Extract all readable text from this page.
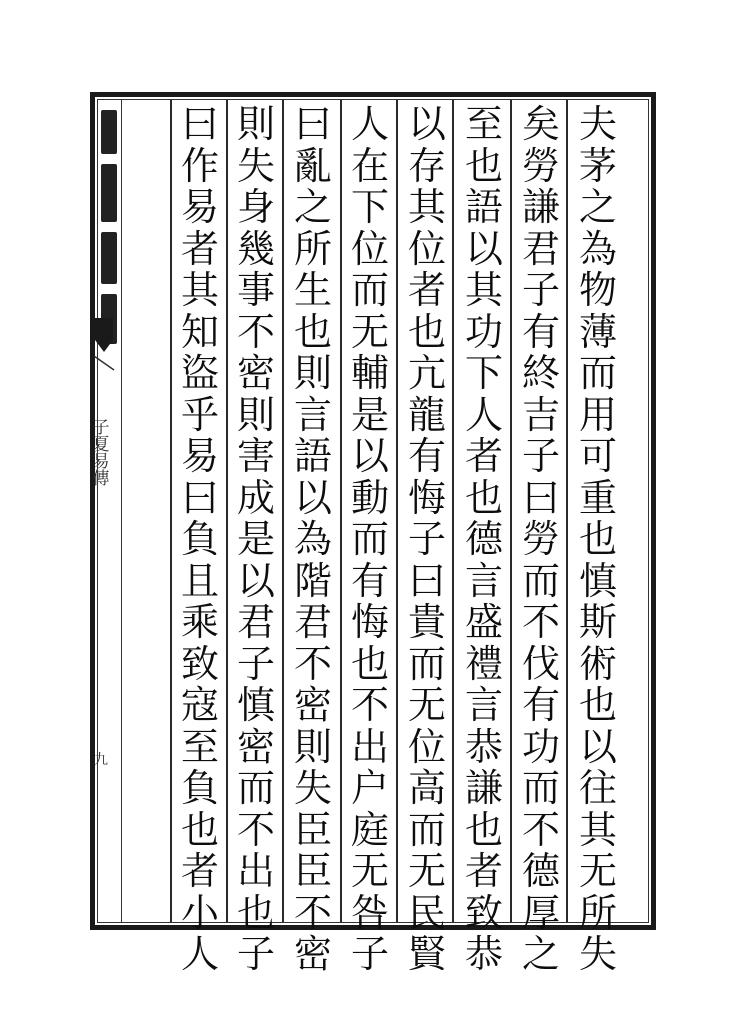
子夏易傳
九
夫茅之為物薄而用可重也慎斯術也以往其无所失
矣勞謙君子有終吉子曰勞而不伐有功而不德厚之
至也語以其功下人者也德言盛禮言恭謙也者致恭
以存其位者也亢龍有悔子曰貴而无位高而无民賢
人在下位而无輔是以動而有悔也不出户庭无咎子
曰亂之所生也則言語以為階君不密則失臣臣不密
則失身幾事不密則害成是以君子慎密而不出也子
曰作易者其知盜乎易曰負且乘致寇至負也者小人
